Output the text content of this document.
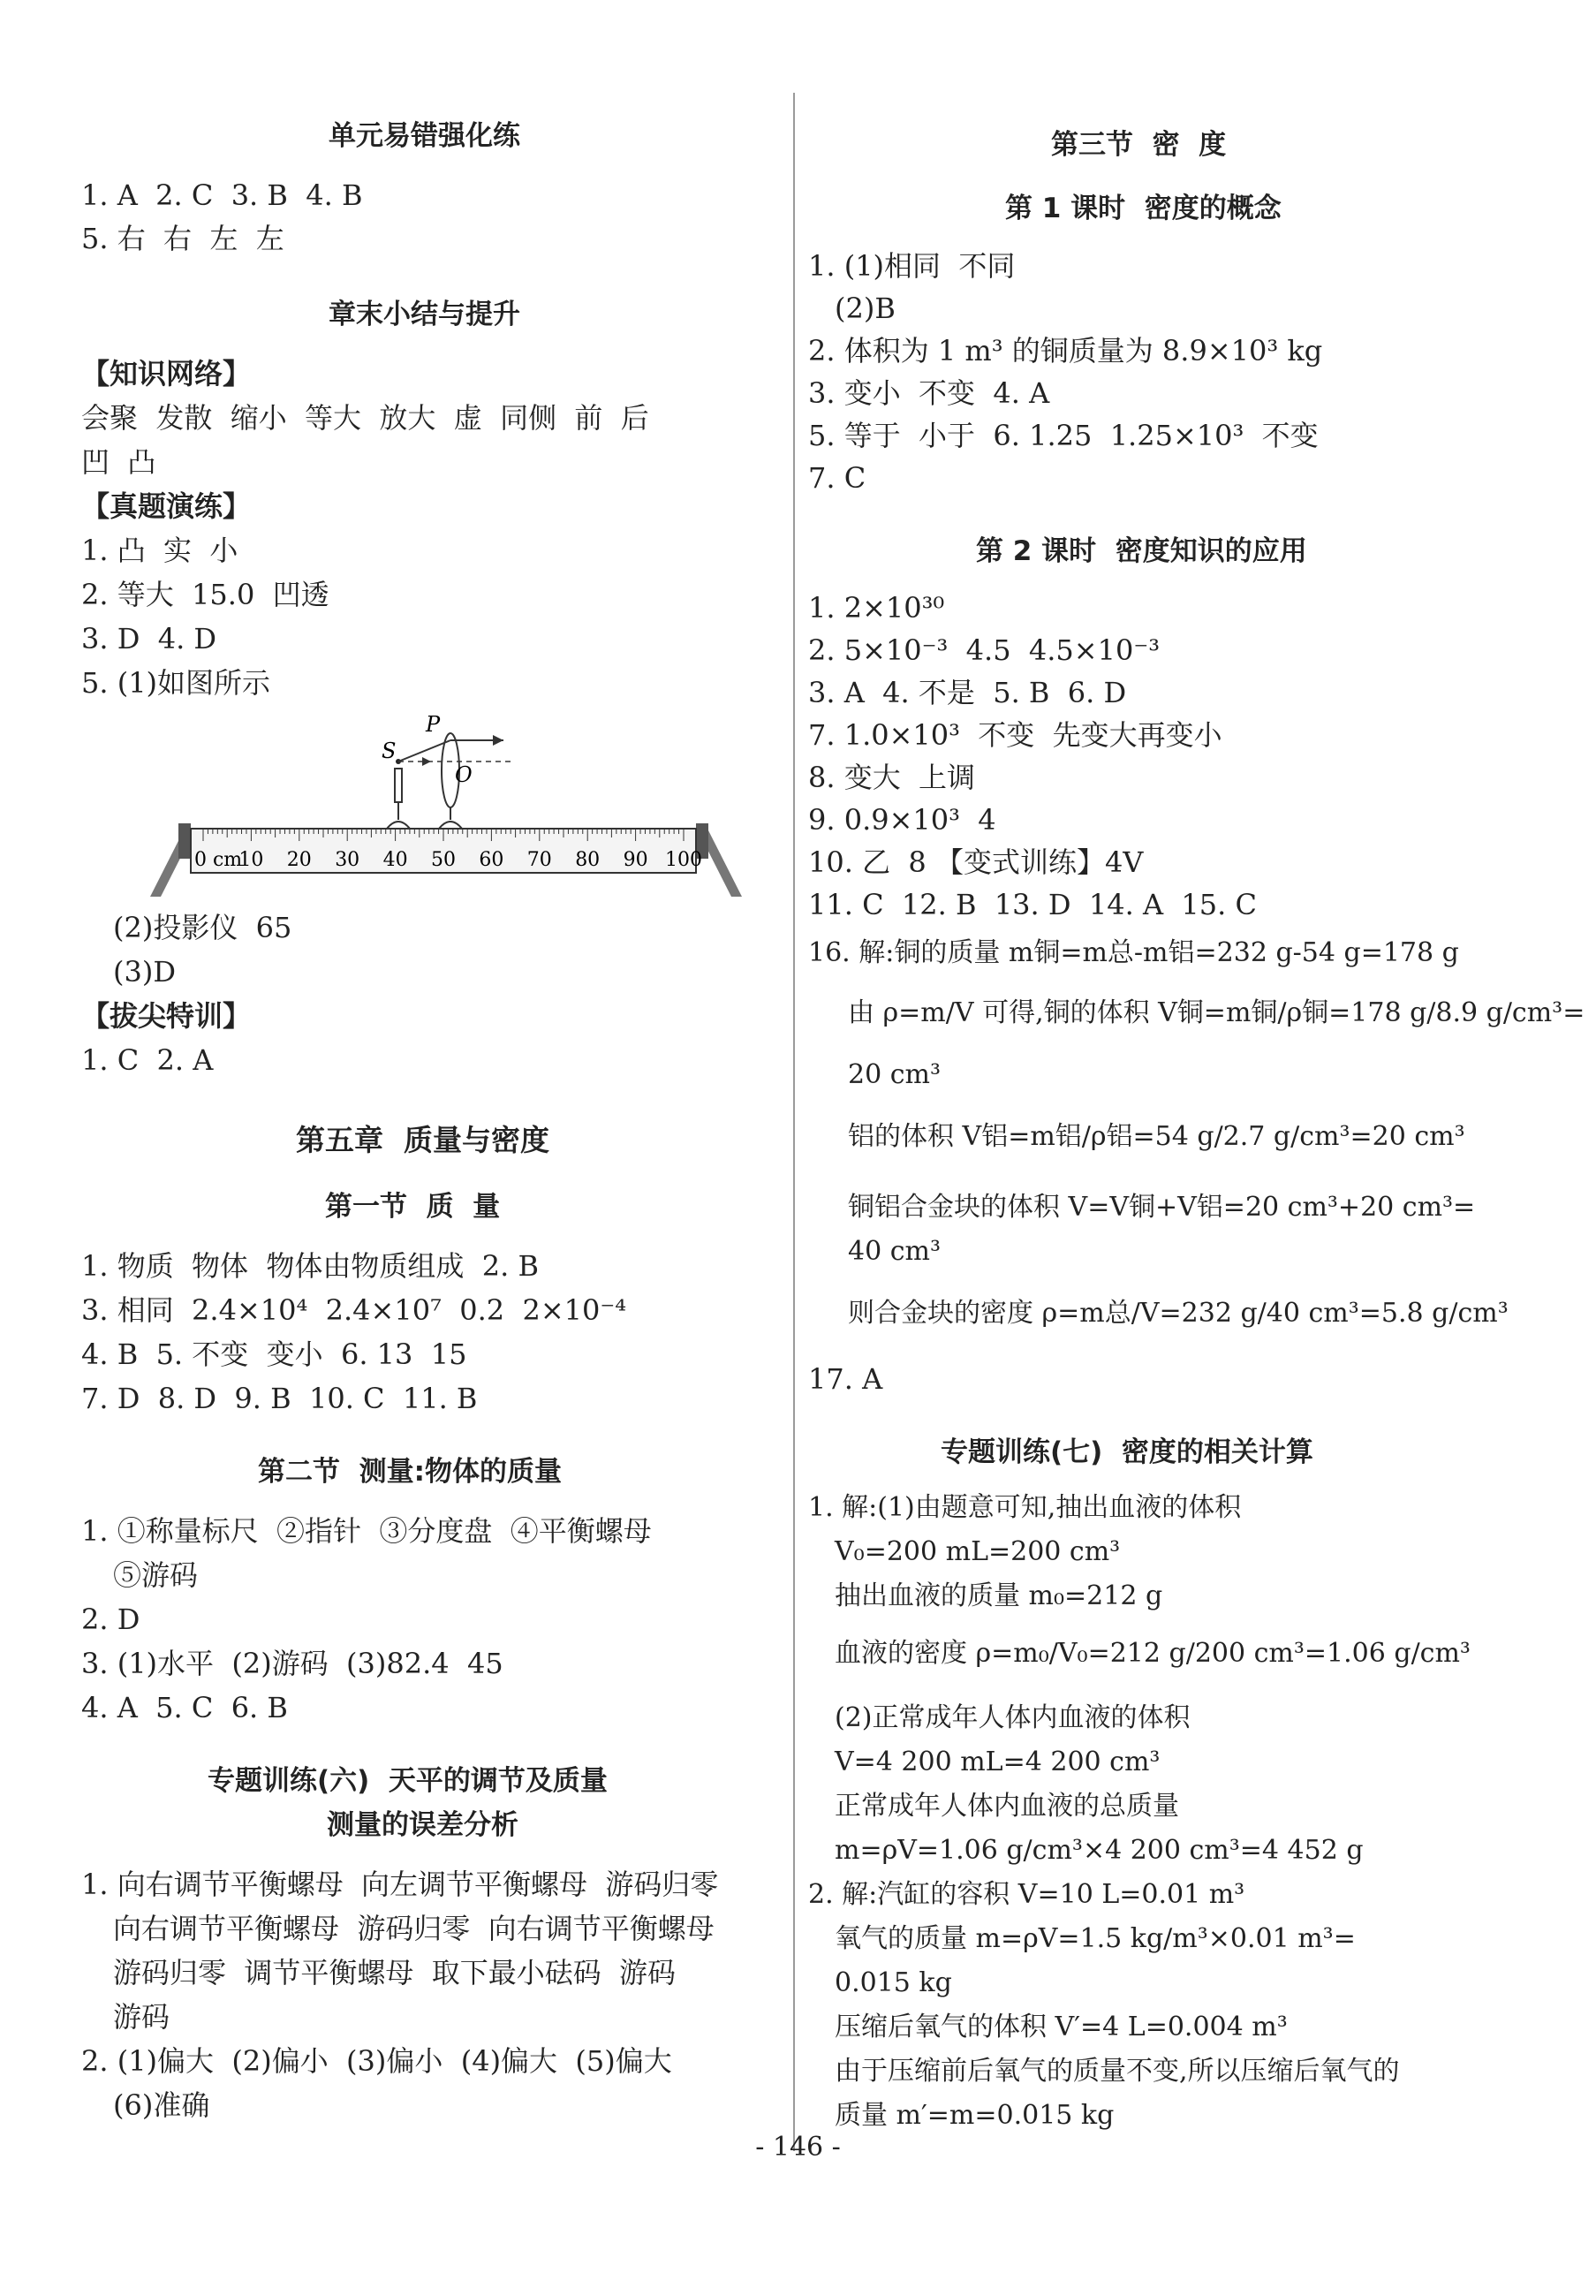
单元易错强化练
1. A  2. C  3. B  4. B
5. 右  右  左  左
章末小结与提升
【知识网络】
会聚  发散  缩小  等大  放大  虚  同侧  前  后
凹  凸
【真题演练】
1. 凸  实  小
2. 等大  15.0  凹透
3. D  4. D
5. (1)如图所示
0 cm
10 20 30 40 50 60 70 80 90 100
S
P
O
(2)投影仪  65
(3)D
【拔尖特训】
1. C  2. A
第五章  质量与密度
第一节  质  量
1. 物质  物体  物体由物质组成  2. B
3. 相同  2.4×10⁴  2.4×10⁷  0.2  2×10⁻⁴
4. B  5. 不变  变小  6. 13  15
7. D  8. D  9. B  10. C  11. B
第二节  测量:物体的质量
1. ①称量标尺  ②指针  ③分度盘  ④平衡螺母
⑤游码
2. D
3. (1)水平  (2)游码  (3)82.4  45
4. A  5. C  6. B
专题训练(六)  天平的调节及质量
测量的误差分析
1. 向右调节平衡螺母  向左调节平衡螺母  游码归零
向右调节平衡螺母  游码归零  向右调节平衡螺母
游码归零  调节平衡螺母  取下最小砝码  游码
游码
2. (1)偏大  (2)偏小  (3)偏小  (4)偏大  (5)偏大
(6)准确
第三节  密  度
第 1 课时  密度的概念
1. (1)相同  不同
(2)B
2. 体积为 1 m³ 的铜质量为 8.9×10³ kg
3. 变小  不变  4. A
5. 等于  小于  6. 1.25  1.25×10³  不变
7. C
第 2 课时  密度知识的应用
1. 2×10³⁰
2. 5×10⁻³  4.5  4.5×10⁻³
3. A  4. 不是  5. B  6. D
7. 1.0×10³  不变  先变大再变小
8. 变大  上调
9. 0.9×10³  4
10. 乙  8 【变式训练】4V
11. C  12. B  13. D  14. A  15. C
16. 解:铜的质量 m铜=m总-m铝=232 g-54 g=178 g
由 ρ=m/V 可得,铜的体积 V铜=m铜/ρ铜=178 g/8.9 g/cm³=
20 cm³
铝的体积 V铝=m铝/ρ铝=54 g/2.7 g/cm³=20 cm³
铜铝合金块的体积 V=V铜+V铝=20 cm³+20 cm³=
40 cm³
则合金块的密度 ρ=m总/V=232 g/40 cm³=5.8 g/cm³
17. A
专题训练(七)  密度的相关计算
1. 解:(1)由题意可知,抽出血液的体积
V₀=200 mL=200 cm³
抽出血液的质量 m₀=212 g
血液的密度 ρ=m₀/V₀=212 g/200 cm³=1.06 g/cm³
(2)正常成年人体内血液的体积
V=4 200 mL=4 200 cm³
正常成年人体内血液的总质量
m=ρV=1.06 g/cm³×4 200 cm³=4 452 g
2. 解:汽缸的容积 V=10 L=0.01 m³
氧气的质量 m=ρV=1.5 kg/m³×0.01 m³=
0.015 kg
压缩后氧气的体积 V′=4 L=0.004 m³
由于压缩前后氧气的质量不变,所以压缩后氧气的
质量 m′=m=0.015 kg
- 146 -
